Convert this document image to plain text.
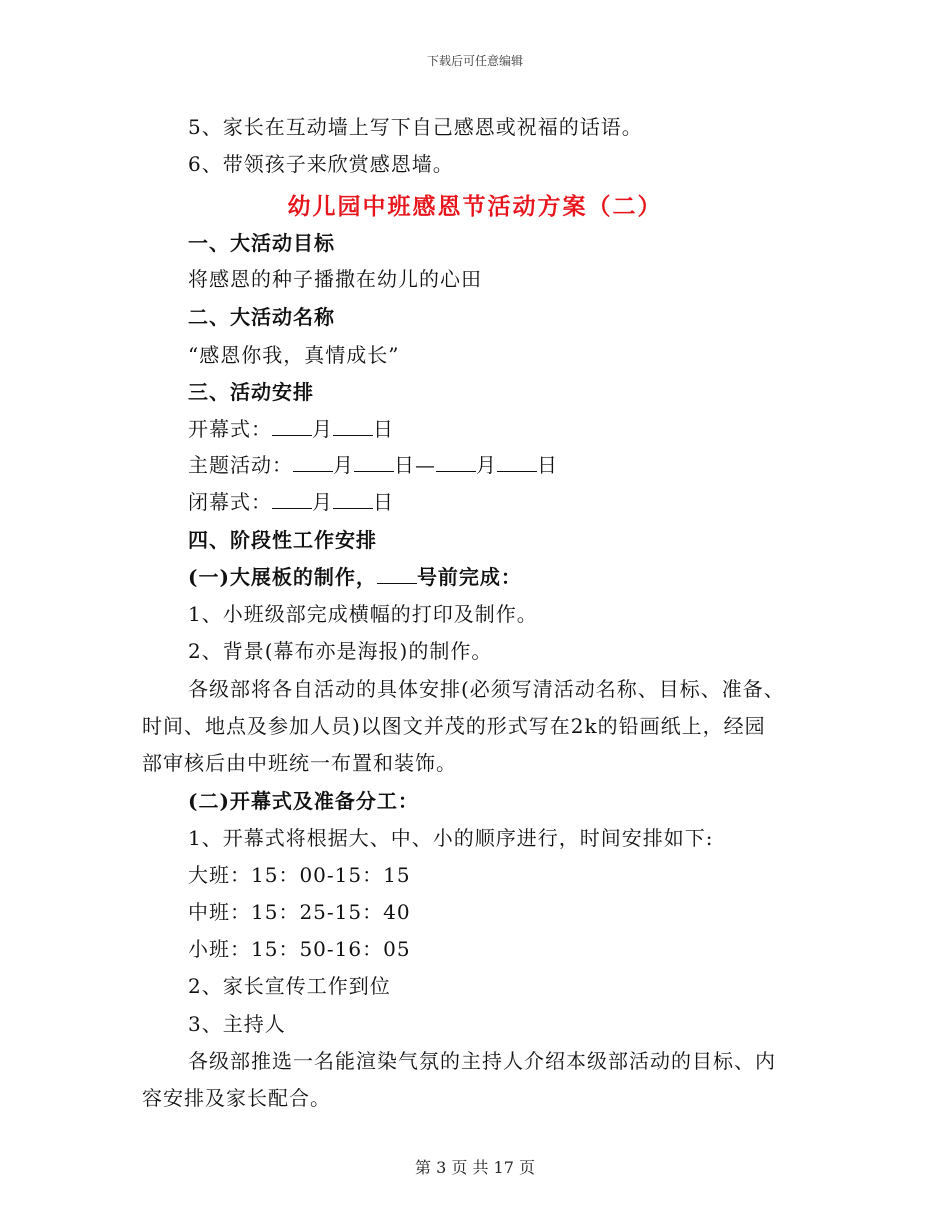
下载后可任意编辑
5、家长在互动墙上写下自己感恩或祝福的话语。
6、带领孩子来欣赏感恩墙。
幼儿园中班感恩节活动方案（二）
一、大活动目标
将感恩的种子播撒在幼儿的心田
二、大活动名称
“感恩你我，真情成长”
三、活动安排
开幕式： 月 日
主题活动： 月 日— 月 日
闭幕式： 月 日
四、阶段性工作安排
(一)大展板的制作， 号前完成：
1、小班级部完成横幅的打印及制作。
2、背景(幕布亦是海报)的制作。
各级部将各自活动的具体安排(必须写清活动名称、目标、准备、
时间、地点及参加人员)以图文并茂的形式写在2k的铅画纸上，经园
部审核后由中班统一布置和装饰。
(二)开幕式及准备分工：
1、开幕式将根据大、中、小的顺序进行，时间安排如下:
大班：15：00-15：15
中班：15：25-15：40
小班：15：50-16：05
2、家长宣传工作到位
3、主持人
各级部推选一名能渲染气氛的主持人介绍本级部活动的目标、内
容安排及家长配合。
第 3 页 共 17 页
